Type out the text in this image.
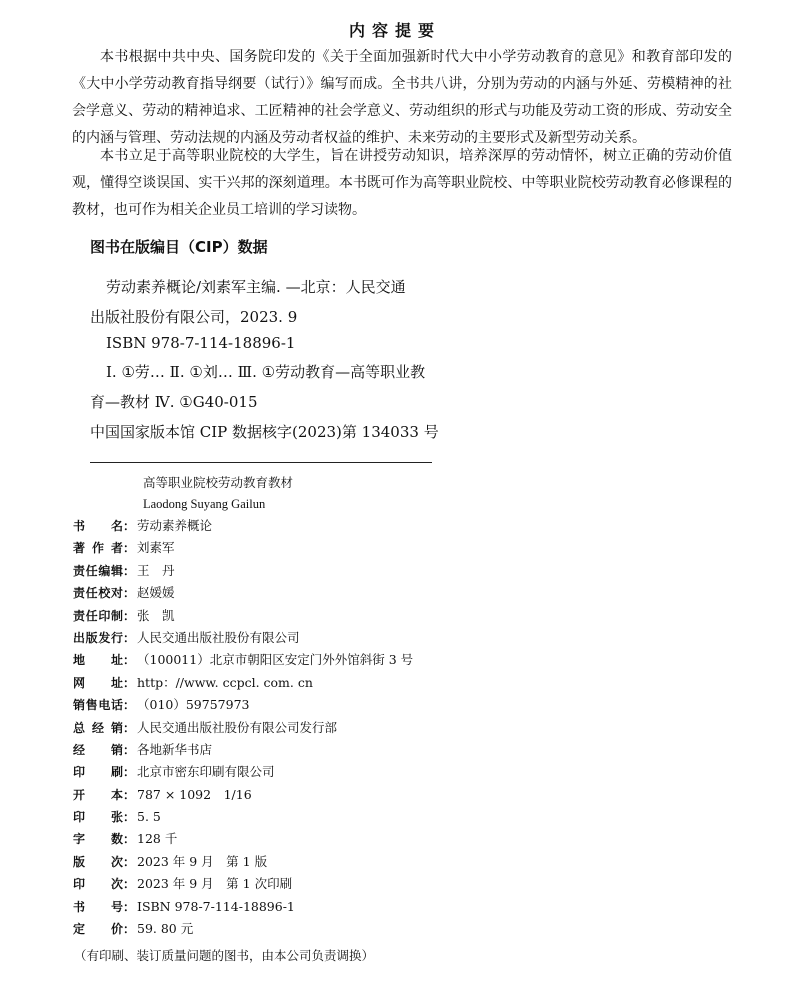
内容提要

本书根据中共中央、国务院印发的《关于全面加强新时代大中小学劳动教育的意见》和教育部印发的《大中小学劳动教育指导纲要（试行）》编写而成。全书共八讲，分别为劳动的内涵与外延、劳模精神的社会学意义、劳动的精神追求、工匠精神的社会学意义、劳动组织的形式与功能及劳动工资的形成、劳动安全的内涵与管理、劳动法规的内涵及劳动者权益的维护、未来劳动的主要形式及新型劳动关系。

本书立足于高等职业院校的大学生，旨在讲授劳动知识，培养深厚的劳动情怀，树立正确的劳动价值观，懂得空谈误国、实干兴邦的深刻道理。本书既可作为高等职业院校、中等职业院校劳动教育必修课程的教材，也可作为相关企业员工培训的学习读物。

图书在版编目（CIP）数据
劳动素养概论/刘素军主编. —北京：人民交通
出版社股份有限公司，2023. 9
ISBN 978-7-114-18896-1
Ⅰ. ①劳… Ⅱ. ①刘… Ⅲ. ①劳动教育—高等职业教
育—教材 Ⅳ. ①G40-015
中国国家版本馆 CIP 数据核字(2023)第 134033 号
高等职业院校劳动教育教材
Laodong Suyang Gailun
书名 ： 劳动素养概论
著作者 ： 刘素军
责任编辑 ： 王　丹
责任校对 ： 赵媛媛
责任印制 ： 张　凯
出版发行 ： 人民交通出版社股份有限公司
地址 ： （100011）北京市朝阳区安定门外外馆斜街 3 号
网址 ： http：//www. ccpcl. com. cn
销售电话 ： （010）59757973
总经销 ： 人民交通出版社股份有限公司发行部
经销 ： 各地新华书店
印刷 ： 北京市密东印刷有限公司
开本 ： 787 × 1092　1/16
印张 ： 5. 5
字数 ： 128 千
版次 ： 2023 年 9 月　第 1 版
印次 ： 2023 年 9 月　第 1 次印刷
书号 ： ISBN 978-7-114-18896-1
定价 ： 59. 80 元
（有印刷、装订质量问题的图书，由本公司负责调换）
